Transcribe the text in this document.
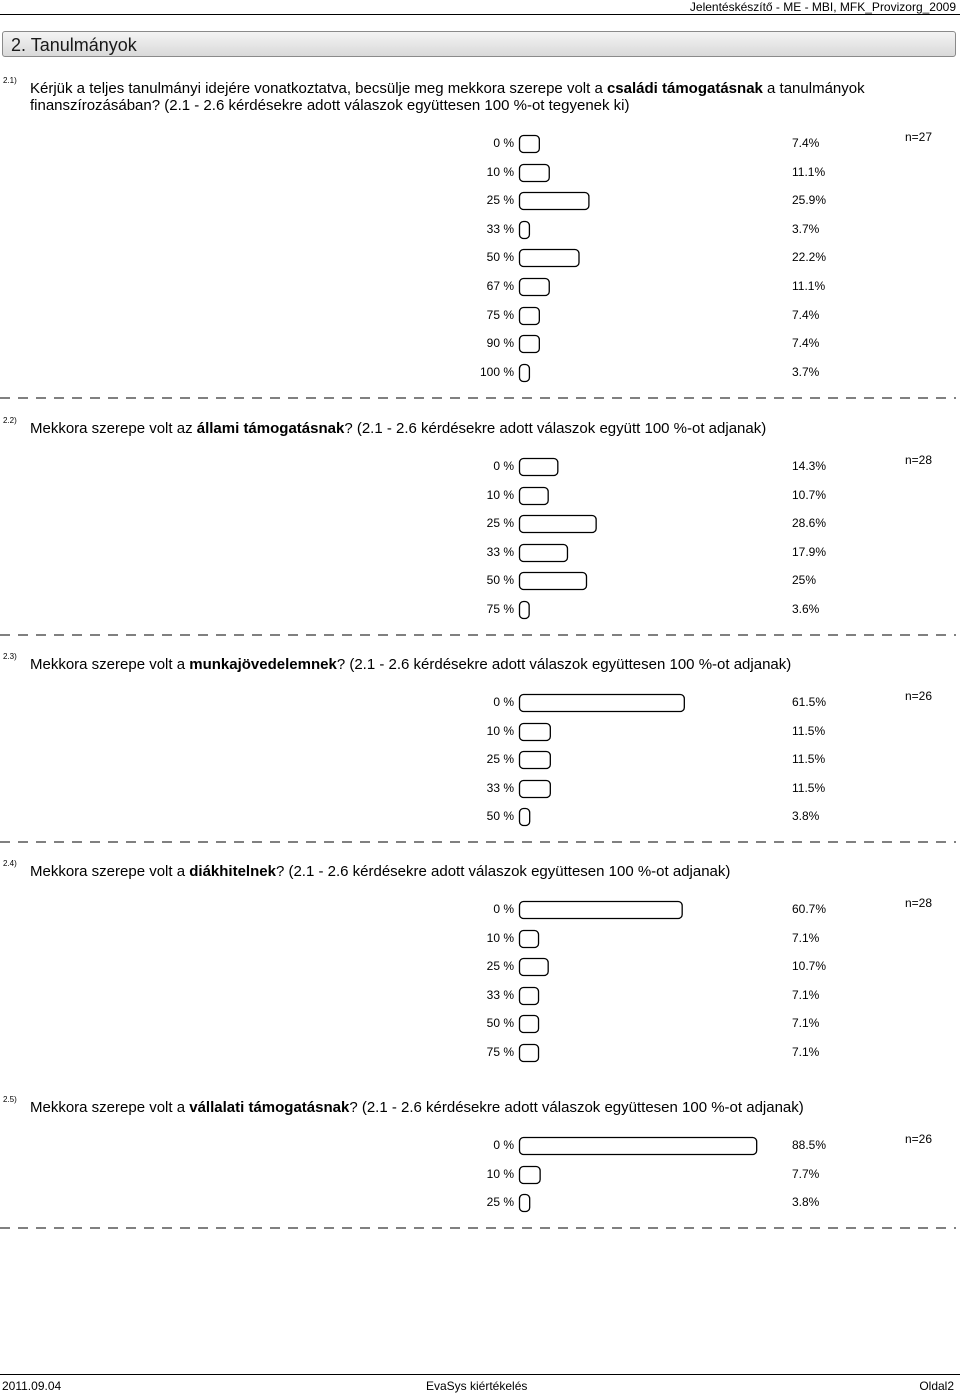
Jelentéskészítő - ME - MBI, MFK_Provizorg_2009
2. Tanulmányok
2.1) Kérjük a teljes tanulmányi idejére vonatkoztatva, becsülje meg mekkora szerepe volt a családi támogatásnak a tanulmányok finanszírozásában? (2.1 - 2.6 kérdésekre adott válaszok együttesen 100 %-ot tegyenek ki)
n=27
0 %	7.4%
10 %	11.1%
25 %	25.9%
33 %	3.7%
50 %	22.2%
67 %	11.1%
75 %	7.4%
90 %	7.4%
100 %	3.7%
2.2) Mekkora szerepe volt az állami támogatásnak? (2.1 - 2.6 kérdésekre adott válaszok együtt 100 %-ot adjanak)
n=28
0 %	14.3%
10 %	10.7%
25 %	28.6%
33 %	17.9%
50 %	25%
75 %	3.6%
2.3) Mekkora szerepe volt a munkajövedelemnek? (2.1 - 2.6 kérdésekre adott válaszok együttesen 100 %-ot adjanak)
n=26
0 %	61.5%
10 %	11.5%
25 %	11.5%
33 %	11.5%
50 %	3.8%
2.4) Mekkora szerepe volt a diákhitelnek? (2.1 - 2.6 kérdésekre adott válaszok együttesen 100 %-ot adjanak)
n=28
0 %	60.7%
10 %	7.1%
25 %	10.7%
33 %	7.1%
50 %	7.1%
75 %	7.1%
2.5) Mekkora szerepe volt a vállalati támogatásnak? (2.1 - 2.6 kérdésekre adott válaszok együttesen 100 %-ot adjanak)
n=26
0 %	88.5%
10 %	7.7%
25 %	3.8%
2011.09.04	EvaSys kiértékelés	Oldal2
